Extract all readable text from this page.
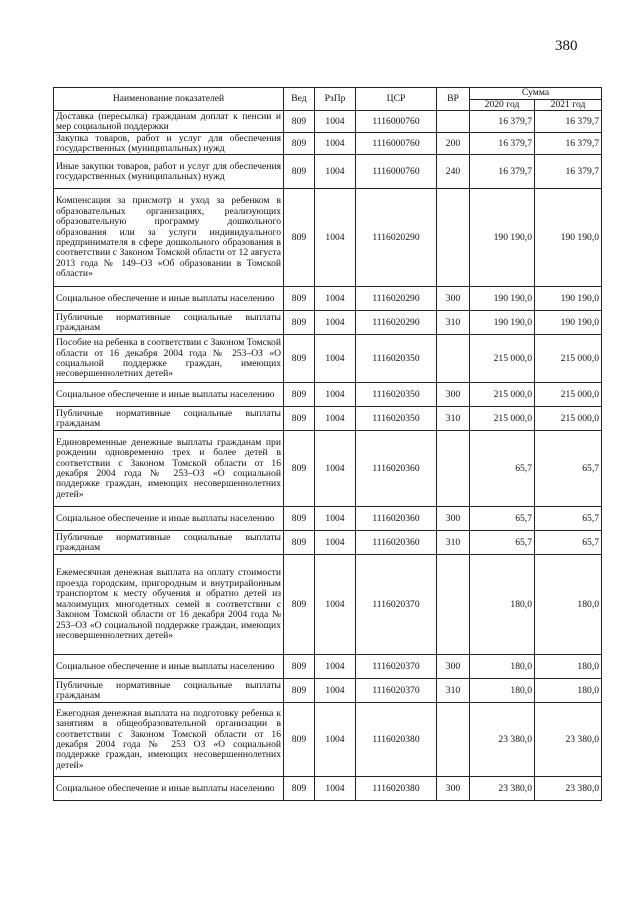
380
Наименование показателей	Вед	РзПр	ЦСР	ВР	Сумма	
					2020 год	2021 год
Доставка (пересылка) гражданам доплат к пенсии и мер социальной поддержки	809	1004	1116000760		16 379,7	16 379,7
Закупка товаров, работ и услуг для обеспечения государственных (муниципальных) нужд	809	1004	1116000760	200	16 379,7	16 379,7
Иные закупки товаров, работ и услуг для обеспечения государственных (муниципальных) нужд	809	1004	1116000760	240	16 379,7	16 379,7
Компенсация за присмотр и уход за ребенком в образовательных организациях, реализующих образовательную программу дошкольного образования или за услуги индивидуального предпринимателя в сфере дошкольного образования в соответствии с Законом Томской области от 12 августа 2013 года № 149–ОЗ «Об образовании в Томской области»	809	1004	1116020290		190 190,0	190 190,0
Социальное обеспечение и иные выплаты населению	809	1004	1116020290	300	190 190,0	190 190,0
Публичные нормативные социальные выплаты гражданам	809	1004	1116020290	310	190 190,0	190 190,0
Пособие на ребенка в соответствии с Законом Томской области от 16 декабря 2004 года № 253–ОЗ «О социальной поддержке граждан, имеющих несовершеннолетних детей»	809	1004	1116020350		215 000,0	215 000,0
Социальное обеспечение и иные выплаты населению	809	1004	1116020350	300	215 000,0	215 000,0
Публичные нормативные социальные выплаты гражданам	809	1004	1116020350	310	215 000,0	215 000,0
Единовременные денежные выплаты гражданам при рождении одновременно трех и более детей в соответствии с Законом Томской области от 16 декабря 2004 года № 253–ОЗ «О социальной поддержке граждан, имеющих несовершеннолетних детей»	809	1004	1116020360		65,7	65,7
Социальное обеспечение и иные выплаты населению	809	1004	1116020360	300	65,7	65,7
Публичные нормативные социальные выплаты гражданам	809	1004	1116020360	310	65,7	65,7
Ежемесячная денежная выплата на оплату стоимости проезда городским, пригородным и внутрирайонным транспортом к месту обучения и обратно детей из малоимущих многодетных семей в соответствии с Законом Томской области от 16 декабря 2004 года № 253–ОЗ «О социальной поддержке граждан, имеющих несовершеннолетних детей»	809	1004	1116020370		180,0	180,0
Социальное обеспечение и иные выплаты населению	809	1004	1116020370	300	180,0	180,0
Публичные нормативные социальные выплаты гражданам	809	1004	1116020370	310	180,0	180,0
Ежегодная денежная выплата на подготовку ребенка к занятиям в общеобразовательной организации в соответствии с Законом Томской области от 16 декабря 2004 года № 253 ОЗ «О социальной поддержке граждан, имеющих несовершеннолетних детей»	809	1004	1116020380		23 380,0	23 380,0
Социальное обеспечение и иные выплаты населению	809	1004	1116020380	300	23 380,0	23 380,0
